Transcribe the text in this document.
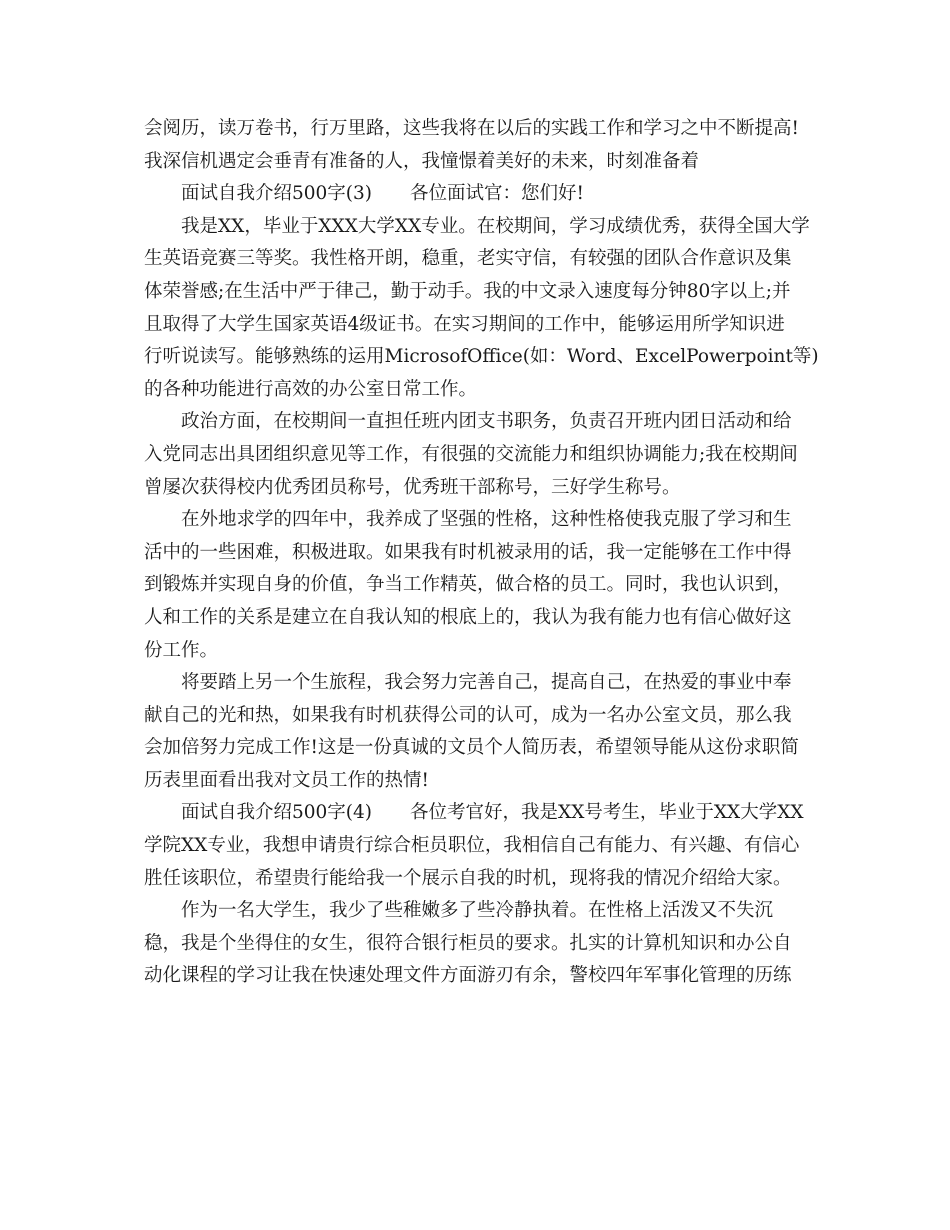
会阅历，读万卷书，行万里路，这些我将在以后的实践工作和学习之中不断提高!
我深信机遇定会垂青有准备的人，我憧憬着美好的未来，时刻准备着
面试自我介绍500字(3) 各位面试官：您们好!
我是XX，毕业于XXX大学XX专业。在校期间，学习成绩优秀，获得全国大学
生英语竞赛三等奖。我性格开朗，稳重，老实守信，有较强的团队合作意识及集
体荣誉感;在生活中严于律己，勤于动手。我的中文录入速度每分钟80字以上;并
且取得了大学生国家英语4级证书。在实习期间的工作中，能够运用所学知识进
行听说读写。能够熟练的运用MicrosofOffice(如：Word、ExcelPowerpoint等)
的各种功能进行高效的办公室日常工作。
政治方面，在校期间一直担任班内团支书职务，负责召开班内团日活动和给
入党同志出具团组织意见等工作，有很强的交流能力和组织协调能力;我在校期间
曾屡次获得校内优秀团员称号，优秀班干部称号，三好学生称号。
在外地求学的四年中，我养成了坚强的性格，这种性格使我克服了学习和生
活中的一些困难，积极进取。如果我有时机被录用的话，我一定能够在工作中得
到锻炼并实现自身的价值，争当工作精英，做合格的员工。同时，我也认识到，
人和工作的关系是建立在自我认知的根底上的，我认为我有能力也有信心做好这
份工作。
将要踏上另一个生旅程，我会努力完善自己，提高自己，在热爱的事业中奉
献自己的光和热，如果我有时机获得公司的认可，成为一名办公室文员，那么我
会加倍努力完成工作!这是一份真诚的文员个人简历表，希望领导能从这份求职简
历表里面看出我对文员工作的热情!
面试自我介绍500字(4) 各位考官好，我是XX号考生，毕业于XX大学XX
学院XX专业，我想申请贵行综合柜员职位，我相信自己有能力、有兴趣、有信心
胜任该职位，希望贵行能给我一个展示自我的时机，现将我的情况介绍给大家。
作为一名大学生，我少了些稚嫩多了些冷静执着。在性格上活泼又不失沉
稳，我是个坐得住的女生，很符合银行柜员的要求。扎实的计算机知识和办公自
动化课程的学习让我在快速处理文件方面游刃有余，警校四年军事化管理的历练
